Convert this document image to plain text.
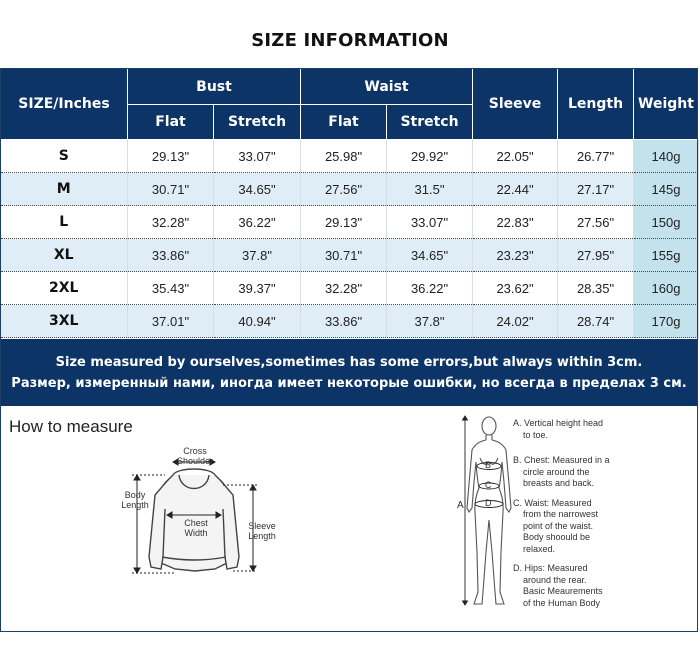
SIZE INFORMATION
SIZE/Inches	Bust		Waist		Sleeve	Length	Weight
	Flat	Stretch	Flat	Stretch			
S	29.13"	33.07"	25.98"	29.92"	22.05"	26.77"	140g
M	30.71"	34.65"	27.56"	31.5"	22.44"	27.17"	145g
L	32.28"	36.22"	29.13"	33.07"	22.83"	27.56"	150g
XL	33.86"	37.8"	30.71"	34.65"	23.23"	27.95"	155g
2XL	35.43"	39.37"	32.28"	36.22"	23.62"	28.35"	160g
3XL	37.01"	40.94"	33.86"	37.8"	24.02"	28.74"	170g
Size measured by ourselves,sometimes has some errors,but always within 3cm.
Размер, измеренный нами, иногда имеет некоторые ошибки, но всегда в пределах 3 см.
How to measure
Cross
Shoulder
Body
Length
Chest
Width
Sleeve
Length
A
B
C
D
A. Vertical height head
to toe.
B. Chest: Measured in a
circle around the
breasts and back.
C. Waist: Measured
from the narrowest
point of the waist.
Body shoould be
relaxed.
D. Hips: Measured
around the rear.
Basic Meaurements
of the Human Body
